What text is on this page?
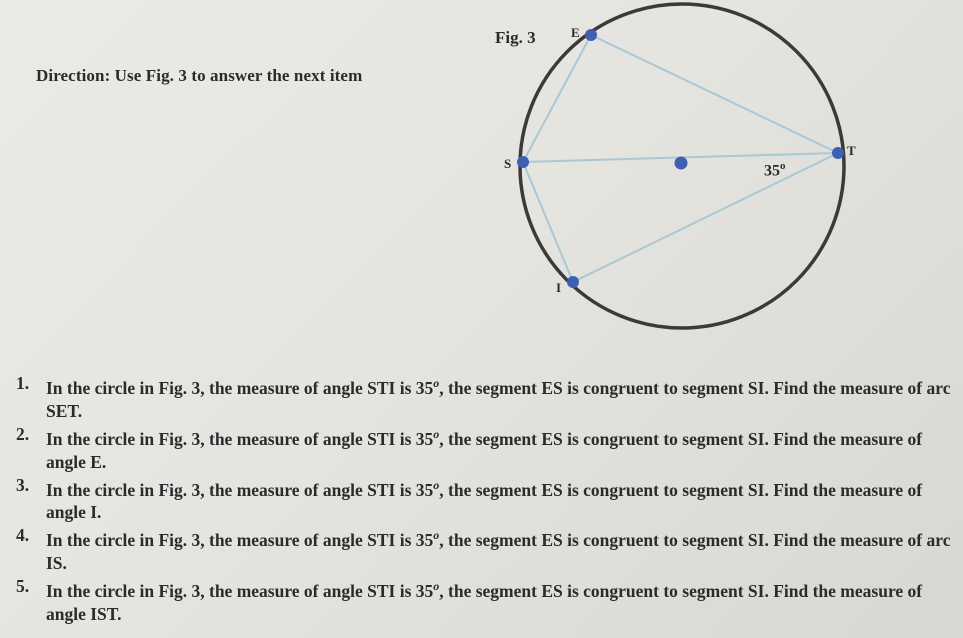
Direction: Use Fig. 3 to answer the next item
Fig. 3	E
S
T
I
35$^o$
1. In the circle in Fig. 3, the measure of angle STI is 35$^o$, the segment ES is congruent to segment SI. Find the measure of arc SET.
2. In the circle in Fig. 3, the measure of angle STI is 35$^o$, the segment ES is congruent to segment SI. Find the measure of angle E.
3. In the circle in Fig. 3, the measure of angle STI is 35$^o$, the segment ES is congruent to segment SI. Find the measure of angle I.
4. In the circle in Fig. 3, the measure of angle STI is 35$^o$, the segment ES is congruent to segment SI. Find the measure of arc IS.
5. In the circle in Fig. 3, the measure of angle STI is 35$^o$, the segment ES is congruent to segment SI. Find the measure of angle IST.
